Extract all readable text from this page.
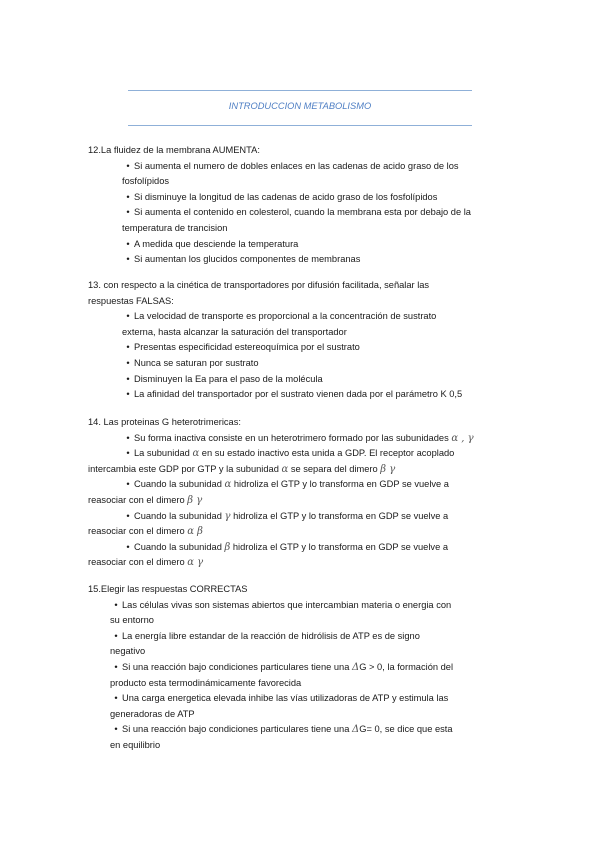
INTRODUCCION METABOLISMO
12.La fluidez de la membrana AUMENTA:
• Si aumenta el numero de dobles enlaces en las cadenas de acido graso de los
fosfolípidos
• Si disminuye la longitud de las cadenas de acido graso de los fosfolípidos
• Si aumenta el contenido en colesterol, cuando la membrana esta por debajo de la
temperatura de trancision
• A medida que desciende la temperatura
• Si aumentan los glucidos componentes de membranas
13. con respecto a la cinética de transportadores por difusión facilitada, señalar las
respuestas FALSAS:
• La velocidad de transporte es proporcional a la concentración de sustrato
externa, hasta alcanzar la saturación del transportador
• Presentas especificidad estereoquímica por el sustrato
• Nunca se saturan por sustrato
• Disminuyen la Ea para el paso de la molécula
• La afinidad del transportador por el sustrato vienen dada por el parámetro K 0,5
14. Las proteinas G heterotrimericas:
• Su forma inactiva consiste en un heterotrimero formado por las subunidades α , γ
• La subunidad α en su estado inactivo esta unida a GDP. El receptor acoplado
intercambia este GDP por GTP y la subunidad α se separa del dimero β γ
• Cuando la subunidad α hidroliza el GTP y lo transforma en GDP se vuelve a
reasociar con el dimero β γ
• Cuando la subunidad γ hidroliza el GTP y lo transforma en GDP se vuelve a
reasociar con el dimero α β
• Cuando la subunidad β hidroliza el GTP y lo transforma en GDP se vuelve a
reasociar con el dimero α γ
15.Elegir las respuestas CORRECTAS
• Las células vivas son sistemas abiertos que intercambian materia o energia con
su entorno
• La energía libre estandar de la reacción de hidrólisis de ATP es de signo
negativo
• Si una reacción bajo condiciones particulares tiene una ΔG > 0, la formación del
producto esta termodinámicamente favorecida
• Una carga energetica elevada inhibe las vías utilizadoras de ATP y estimula las
generadoras de ATP
• Si una reacción bajo condiciones particulares tiene una ΔG= 0, se dice que esta
en equilibrio
